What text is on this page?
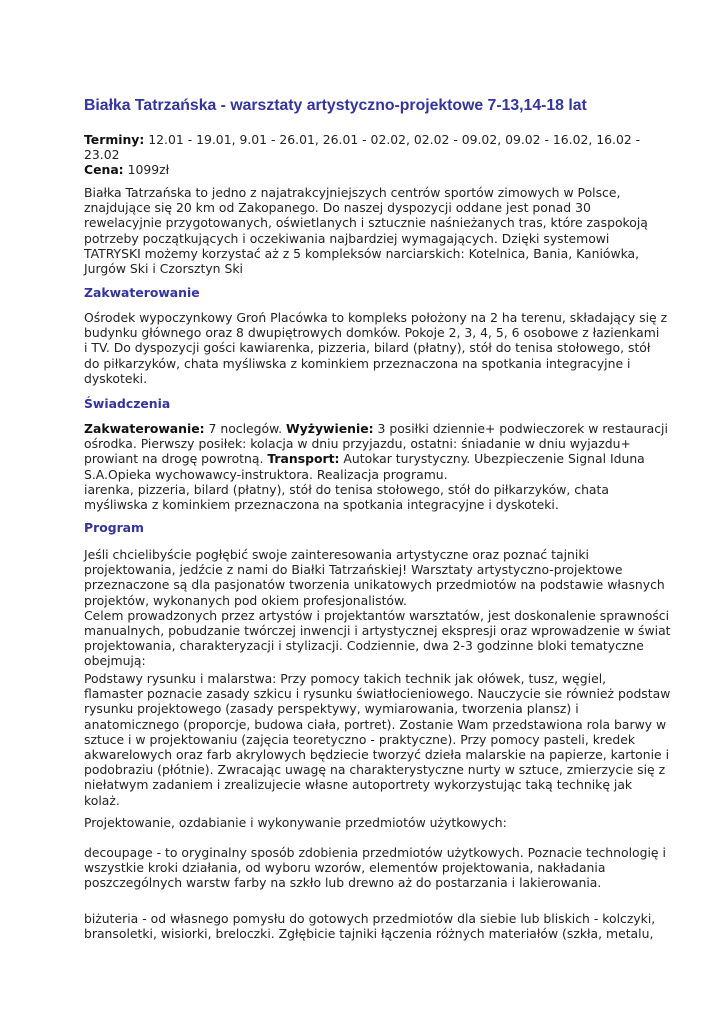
Białka Tatrzańska - warsztaty artystyczno-projektowe 7-13,14-18 lat
Terminy: 12.01 - 19.01, 9.01 - 26.01, 26.01 - 02.02, 02.02 - 09.02, 09.02 - 16.02, 16.02 -
23.02
Cena: 1099zł
Białka Tatrzańska to jedno z najatrakcyjniejszych centrów sportów zimowych w Polsce,
znajdujące się 20 km od Zakopanego. Do naszej dyspozycji oddane jest ponad 30
rewelacyjnie przygotowanych, oświetlanych i sztucznie naśnieżanych tras, które zaspokoją
potrzeby początkujących i oczekiwania najbardziej wymagających. Dzięki systemowi
TATRYSKI możemy korzystać aż z 5 kompleksów narciarskich: Kotelnica, Bania, Kaniówka,
Jurgów Ski i Czorsztyn Ski
Zakwaterowanie
Ośrodek wypoczynkowy Groń Placówka to kompleks położony na 2 ha terenu, składający się z
budynku głównego oraz 8 dwupiętrowych domków. Pokoje 2, 3, 4, 5, 6 osobowe z łazienkami
i TV. Do dyspozycji gości kawiarenka, pizzeria, bilard (płatny), stół do tenisa stołowego, stół
do piłkarzyków, chata myśliwska z kominkiem przeznaczona na spotkania integracyjne i
dyskoteki.
Świadczenia
Zakwaterowanie: 7 noclegów. Wyżywienie: 3 posiłki dziennie+ podwieczorek w restauracji
ośrodka. Pierwszy posiłek: kolacja w dniu przyjazdu, ostatni: śniadanie w dniu wyjazdu+
prowiant na drogę powrotną. Transport: Autokar turystyczny. Ubezpieczenie Signal Iduna
S.A.Opieka wychowawcy-instruktora. Realizacja programu.
iarenka, pizzeria, bilard (płatny), stół do tenisa stołowego, stół do piłkarzyków, chata
myśliwska z kominkiem przeznaczona na spotkania integracyjne i dyskoteki.
Program
Jeśli chcielibyście pogłębić swoje zainteresowania artystyczne oraz poznać tajniki
projektowania, jedźcie z nami do Białki Tatrzańskiej! Warsztaty artystyczno-projektowe
przeznaczone są dla pasjonatów tworzenia unikatowych przedmiotów na podstawie własnych
projektów, wykonanych pod okiem profesjonalistów.
Celem prowadzonych przez artystów i projektantów warsztatów, jest doskonalenie sprawności
manualnych, pobudzanie twórczej inwencji i artystycznej ekspresji oraz wprowadzenie w świat
projektowania, charakteryzacji i stylizacji. Codziennie, dwa 2-3 godzinne bloki tematyczne
obejmują:
Podstawy rysunku i malarstwa: Przy pomocy takich technik jak ołówek, tusz, węgiel,
flamaster poznacie zasady szkicu i rysunku światłocieniowego. Nauczycie sie również podstaw
rysunku projektowego (zasady perspektywy, wymiarowania, tworzenia plansz) i
anatomicznego (proporcje, budowa ciała, portret). Zostanie Wam przedstawiona rola barwy w
sztuce i w projektowaniu (zajęcia teoretyczno - praktyczne). Przy pomocy pasteli, kredek
akwarelowych oraz farb akrylowych będziecie tworzyć dzieła malarskie na papierze, kartonie i
podobraziu (płótnie). Zwracając uwagę na charakterystyczne nurty w sztuce, zmierzycie się z
niełatwym zadaniem i zrealizujecie własne autoportrety wykorzystując taką technikę jak
kolaż.
Projektowanie, ozdabianie i wykonywanie przedmiotów użytkowych:
decoupage - to oryginalny sposób zdobienia przedmiotów użytkowych. Poznacie technologię i
wszystkie kroki działania, od wyboru wzorów, elementów projektowania, nakładania
poszczególnych warstw farby na szkło lub drewno aż do postarzania i lakierowania.
biżuteria - od własnego pomysłu do gotowych przedmiotów dla siebie lub bliskich - kolczyki,
bransoletki, wisiorki, breloczki. Zgłębicie tajniki łączenia różnych materiałów (szkła, metalu,
